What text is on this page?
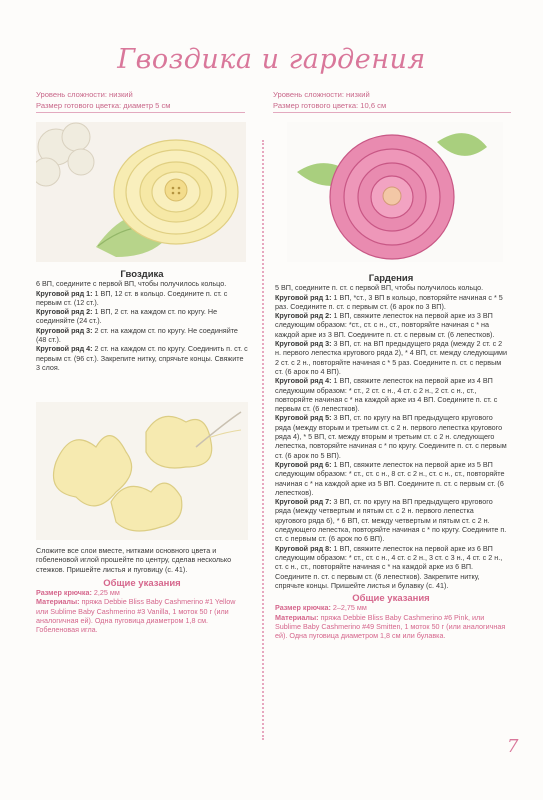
Гвоздика и гардения
Уровень сложности: низкий
Размер готового цветка: диаметр 5 см
Уровень сложности: низкий
Размер готового цветка: 10,6 см

Гвоздика

6 ВП, соедините с первой ВП, чтобы получилось кольцо.

Круговой ряд 1: 1 ВП, 12 ст. в кольцо. Соедините п. ст. с первым ст. (12 ст.).

Круговой ряд 2: 1 ВП, 2 ст. на каждом ст. по кругу. Не соединяйте (24 ст.).

Круговой ряд 3: 2 ст. на каждом ст. по кругу. Не соединяйте (48 ст.).

Круговой ряд 4: 2 ст. на каждом ст. по кругу. Соединить п. ст. с первым ст. (96 ст.). Закрепите нитку, спрячьте концы. Свяжите 3 слоя.

Сложите все слои вместе, нитками основного цвета и гобеленовой иглой прошейте по центру, сделав несколько стежков. Пришейте листья и пуговицу (с. 41).

Общие указания

Размер крючка: 2,25 мм

Материалы: пряжа Debbie Bliss Baby Cashmerino #1 Yellow или Sublime Baby Cashmerino #3 Vanilla, 1 моток 50 г (или аналогичная ей). Одна пуговица диаметром 1,8 см. Гобеленовая игла.

Гардения

5 ВП, соедините п. ст. с первой ВП, чтобы получилось кольцо.

Круговой ряд 1: 1 ВП, *ст., 3 ВП в кольцо, повторяйте начиная с * 5 раз. Соедините п. ст. с первым ст. (6 арок по 3 ВП).

Круговой ряд 2: 1 ВП, свяжите лепесток на первой арке из 3 ВП следующим образом: *ст., ст. с н., ст., повторяйте начиная с * на каждой арке из 3 ВП. Соедините п. ст. с первым ст. (6 лепестков).

Круговой ряд 3: 3 ВП, ст. на ВП предыдущего ряда (между 2 ст. с 2 н. первого лепестка кругового ряда 2), * 4 ВП, ст. между следующими 2 ст. с 2 н., повторяйте начиная с * 5 раз. Соедините п. ст. с первым ст. (6 арок по 4 ВП).

Круговой ряд 4: 1 ВП, свяжите лепесток на первой арке из 4 ВП следующим образом: * ст., 2 ст. с н., 4 ст. с 2 н., 2 ст. с н., ст., повторяйте начиная с * на каждой арке из 4 ВП. Соедините п. ст. с первым ст. (6 лепестков).

Круговой ряд 5: 3 ВП, ст. по кругу на ВП предыдущего кругового ряда (между вторым и третьим ст. с 2 н. первого лепестка кругового ряда 4), * 5 ВП, ст. между вторым и третьим ст. с 2 н. следующего лепестка, повторяйте начиная с * по кругу. Соедините п. ст. с первым ст. (6 арок по 5 ВП).

Круговой ряд 6: 1 ВП, свяжите лепесток на первой арке из 5 ВП следующим образом: * ст., ст. с н., 8 ст. с 2 н., ст. с н., ст., повторяйте начиная с * на каждой арке из 5 ВП. Соедините п. ст. с первым ст. (6 лепестков).

Круговой ряд 7: 3 ВП, ст. по кругу на ВП предыдущего кругового ряда (между четвертым и пятым ст. с 2 н. первого лепестка кругового ряда 6), * 6 ВП, ст. между четвертым и пятым ст. с 2 н. следующего лепестка, повторяйте начиная с * по кругу. Соедините п. ст. с первым ст. (6 арок по 6 ВП).

Круговой ряд 8: 1 ВП, свяжите лепесток на первой арке из 6 ВП следующим образом: * ст., ст. с н., 4 ст. с 2 н., 3 ст. с 3 н., 4 ст. с 2 н., ст. с н., ст., повторяйте начиная с * на каждой арке из 6 ВП. Соедините п. ст. с первым ст. (6 лепестков). Закрепите нитку, спрячьте концы. Пришейте листья и булавку (с. 41).

Общие указания

Размер крючка: 2–2,75 мм

Материалы: пряжа Debbie Bliss Baby Cashmerino #6 Pink, или Sublime Baby Cashmerino #49 Smitten, 1 моток 50 г (или аналогичная ей). Одна пуговица диаметром 1,8 см или булавка.

7
